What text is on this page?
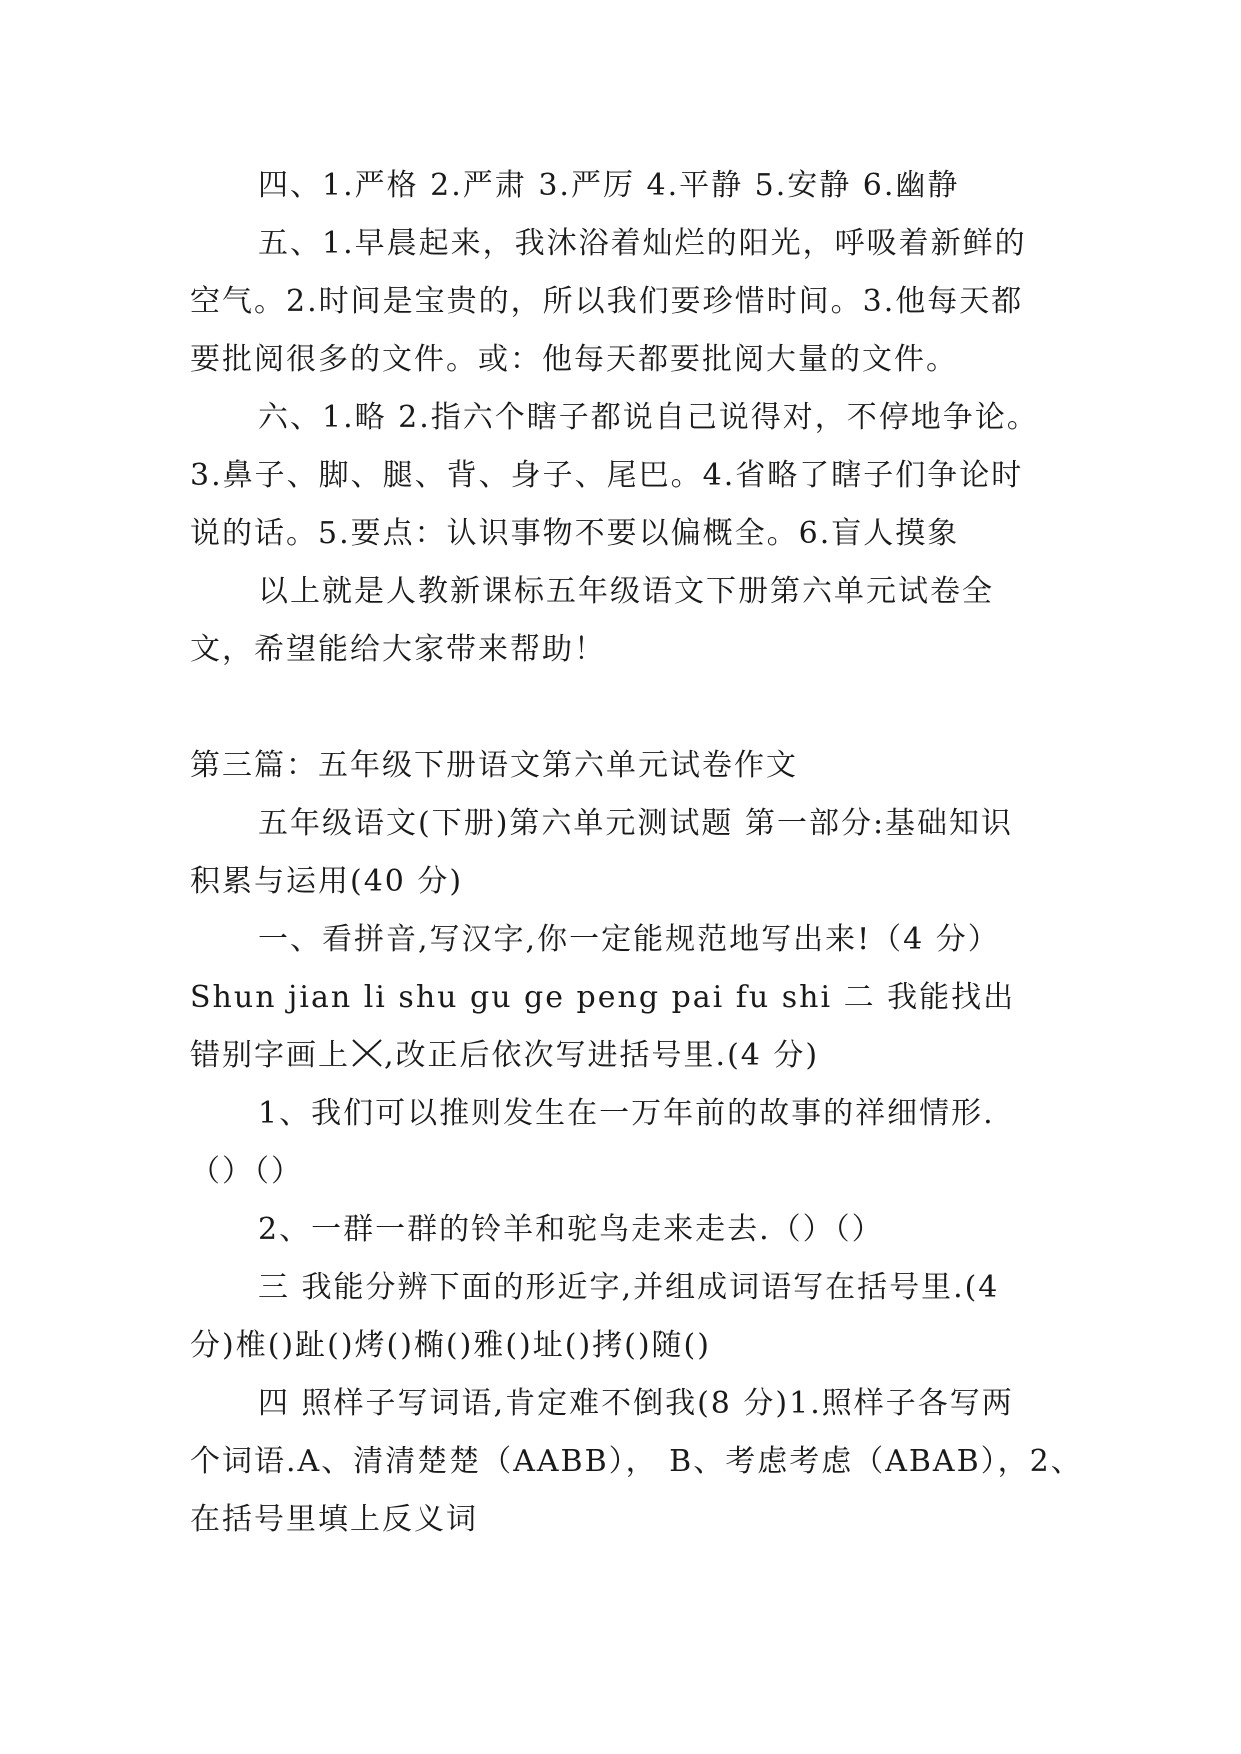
四、1.严格 2.严肃 3.严厉 4.平静 5.安静 6.幽静
五、1.早晨起来，我沐浴着灿烂的阳光，呼吸着新鲜的
空气。2.时间是宝贵的，所以我们要珍惜时间。3.他每天都
要批阅很多的文件。或：他每天都要批阅大量的文件。
六、1.略 2.指六个瞎子都说自己说得对，不停地争论。
3.鼻子、脚、腿、背、身子、尾巴。4.省略了瞎子们争论时
说的话。5.要点：认识事物不要以偏概全。6.盲人摸象
以上就是人教新课标五年级语文下册第六单元试卷全
文，希望能给大家带来帮助！
第三篇：五年级下册语文第六单元试卷作文
五年级语文(下册)第六单元测试题 第一部分:基础知识
积累与运用(40 分)
一、看拼音,写汉字,你一定能规范地写出来!（4 分）
Shun jian li shu gu ge peng pai fu shi 二 我能找出
错别字画上 ,改正后依次写进括号里.(4 分)
1、我们可以推则发生在一万年前的故事的祥细情形.
（）（）
2、一群一群的铃羊和驼鸟走来走去.（）（）
三 我能分辨下面的形近字,并组成词语写在括号里.(4
分)椎()趾()烤()椭()雅()址()拷()随()
四 照样子写词语,肯定难不倒我(8 分)1.照样子各写两
个词语.A、清清楚楚（AABB）， B、考虑考虑（ABAB），2、
在括号里填上反义词
